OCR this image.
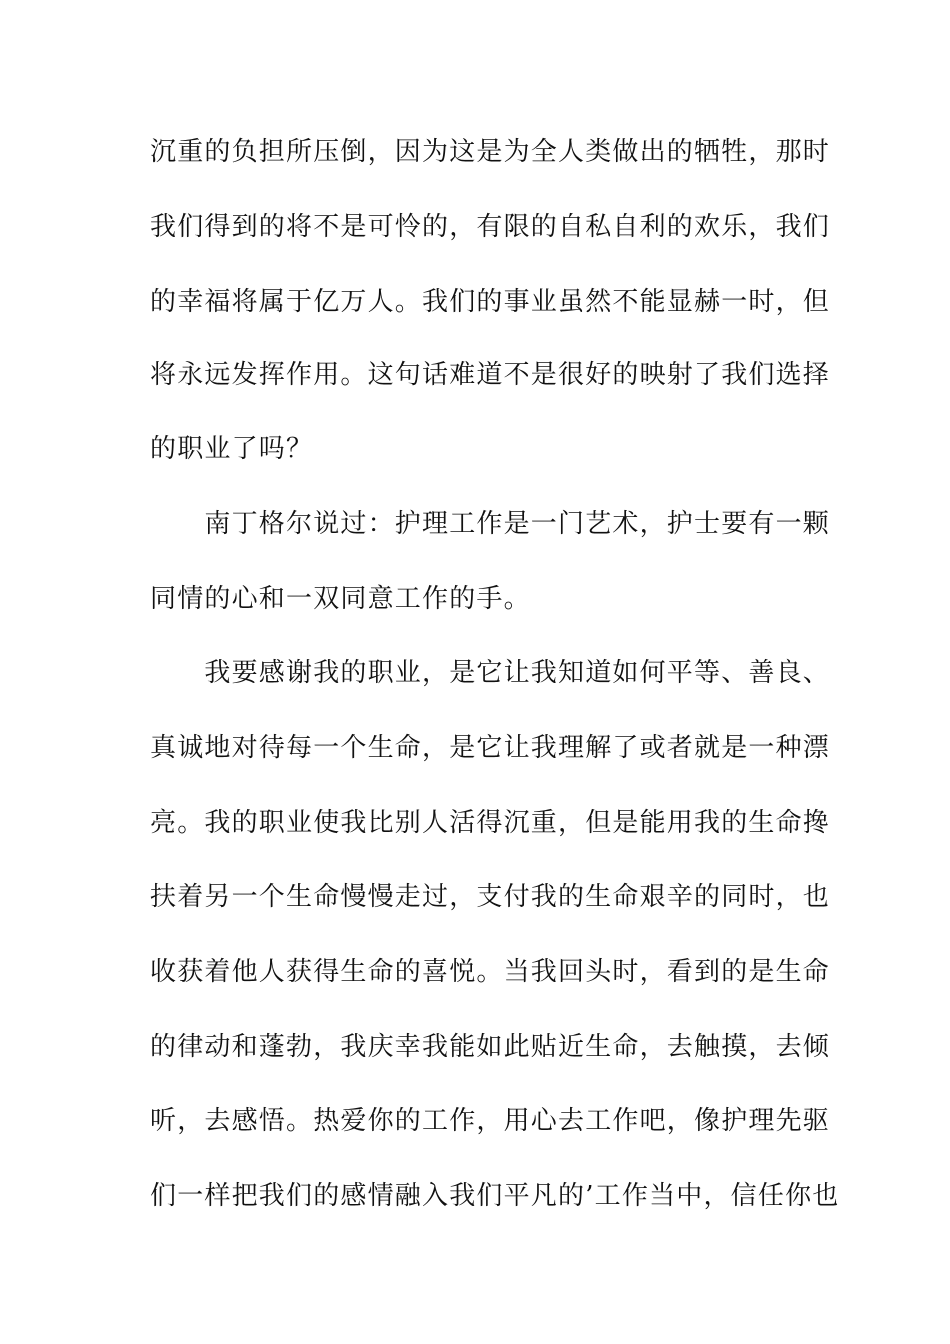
沉重的负担所压倒，因为这是为全人类做出的牺牲，那时
我们得到的将不是可怜的，有限的自私自利的欢乐，我们
的幸福将属于亿万人。我们的事业虽然不能显赫一时，但
将永远发挥作用。这句话难道不是很好的映射了我们选择
的职业了吗？
　　南丁格尔说过：护理工作是一门艺术，护士要有一颗
同情的心和一双同意工作的手。
　　我要感谢我的职业，是它让我知道如何平等、善良、
真诚地对待每一个生命，是它让我理解了或者就是一种漂
亮。我的职业使我比别人活得沉重，但是能用我的生命搀
扶着另一个生命慢慢走过，支付我的生命艰辛的同时，也
收获着他人获得生命的喜悦。当我回头时，看到的是生命
的律动和蓬勃，我庆幸我能如此贴近生命，去触摸，去倾
听，去感悟。热爱你的工作，用心去工作吧，像护理先驱
们一样把我们的感情融入我们平凡的’工作当中，信任你也
